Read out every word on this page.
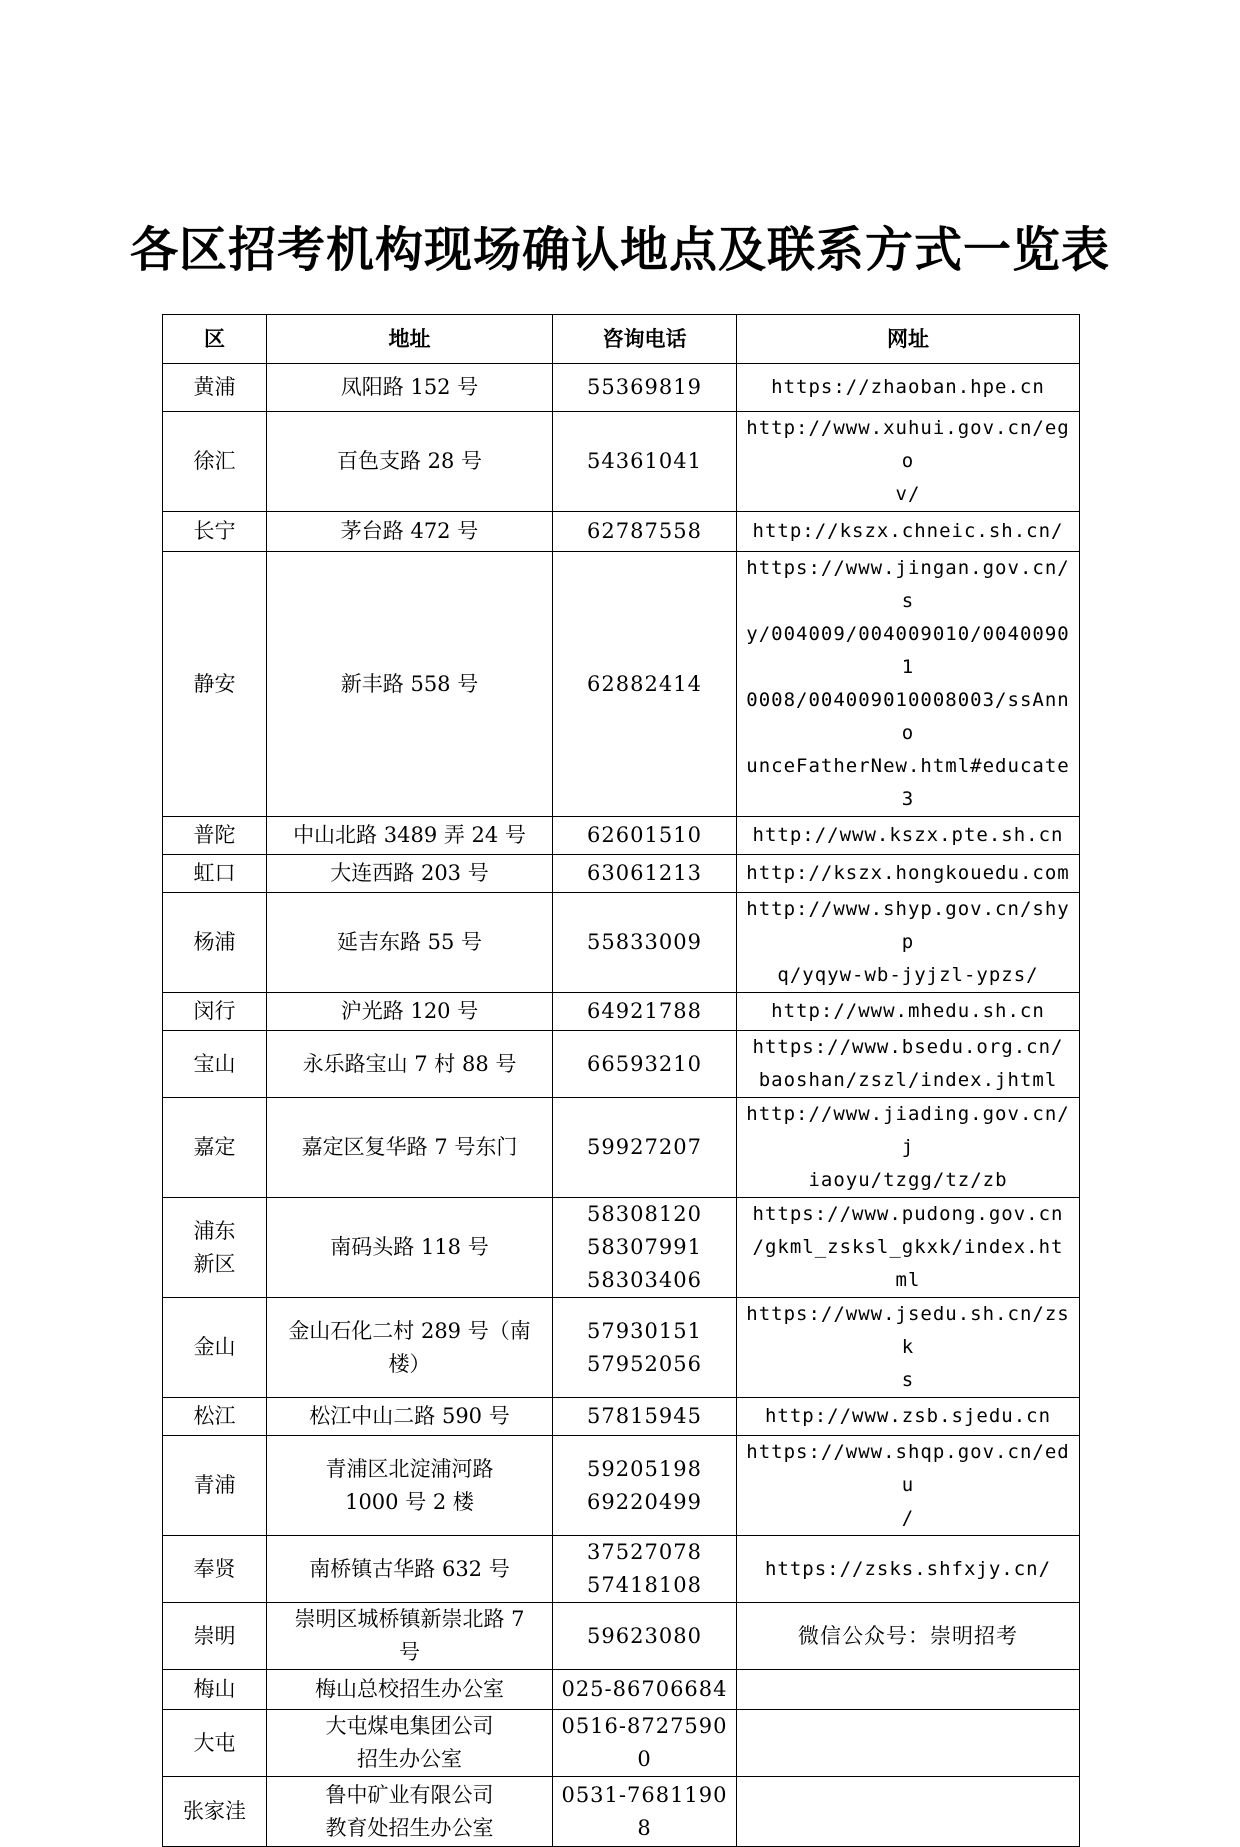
各区招考机构现场确认地点及联系方式一览表
区	地址	咨询电话	网址

黄浦	凤阳路 152 号	55369819	https://zhaoban.hpe.cn

徐汇	百色支路 28 号	54361041	http://www.xuhui.gov.cn/ego
v/

长宁	茅台路 472 号	62787558	http://kszx.chneic.sh.cn/

静安	新丰路 558 号	62882414	https://www.jingan.gov.cn/s
y/004009/004009010/00400901
0008/004009010008003/ssAnno
unceFatherNew.html#educate3

普陀	中山北路 3489 弄 24 号	62601510	http://www.kszx.pte.sh.cn

虹口	大连西路 203 号	63061213	http://kszx.hongkouedu.com

杨浦	延吉东路 55 号	55833009	http://www.shyp.gov.cn/shyp
q/yqyw-wb-jyjzl-ypzs/

闵行	沪光路 120 号	64921788	http://www.mhedu.sh.cn

宝山	永乐路宝山 7 村 88 号	66593210	https://www.bsedu.org.cn/
baoshan/zszl/index.jhtml

嘉定	嘉定区复华路 7 号东门	59927207	http://www.jiading.gov.cn/j
iaoyu/tzgg/tz/zb

浦东
新区	南码头路 118 号	58308120
58307991
58303406	https://www.pudong.gov.cn
/gkml_zsksl_gkxk/index.ht
ml

金山	金山石化二村 289 号（南
楼）	57930151
57952056	https://www.jsedu.sh.cn/zsk
s

松江	松江中山二路 590 号	57815945	http://www.zsb.sjedu.cn

青浦	青浦区北淀浦河路
1000 号 2 楼	59205198
69220499	https://www.shqp.gov.cn/edu
/

奉贤	南桥镇古华路 632 号	37527078
57418108	https://zsks.shfxjy.cn/

崇明	崇明区城桥镇新崇北路 7
号	59623080	微信公众号：崇明招考

梅山	梅山总校招生办公室	025-86706684	

大屯	大屯煤电集团公司
招生办公室	0516-87275900	

张家洼	鲁中矿业有限公司
教育处招生办公室	0531-76811908	
